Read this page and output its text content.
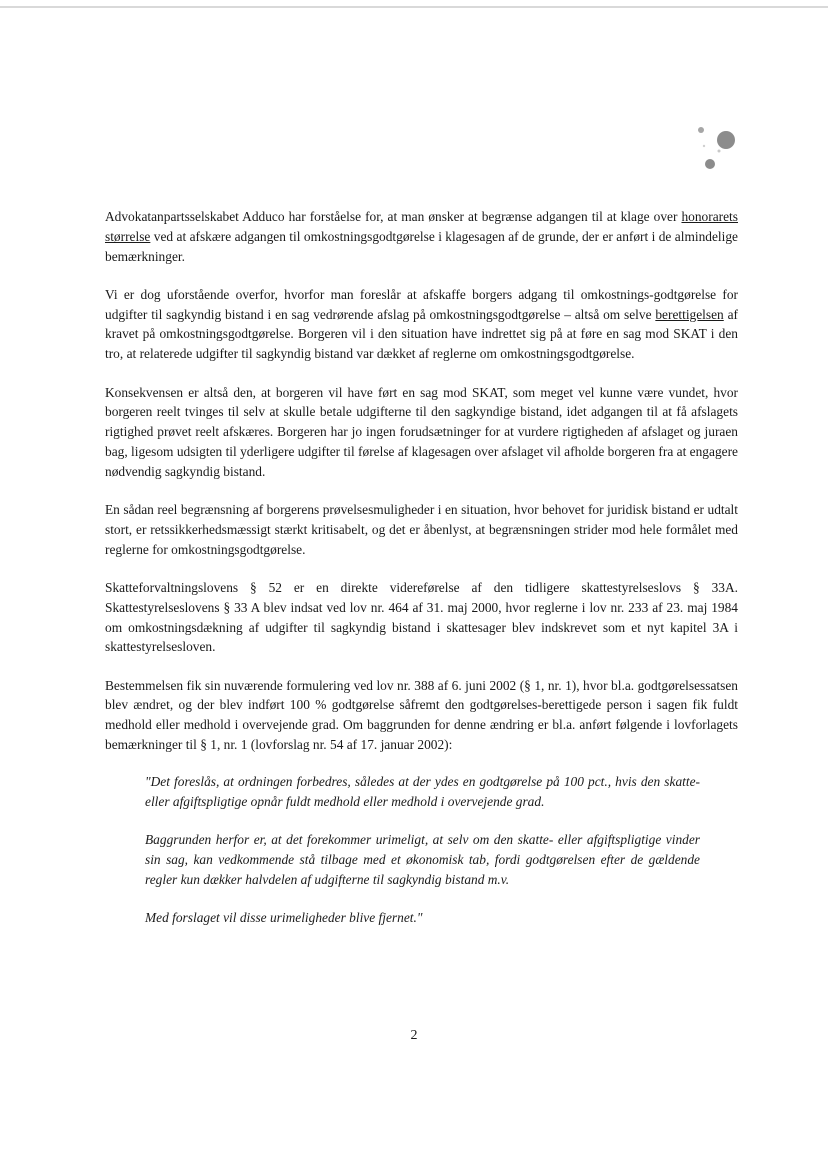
Advokatanpartsselskabet Adduco har forståelse for, at man ønsker at begrænse adgangen til at klage over honorarets størrelse ved at afskære adgangen til omkostningsgodtgørelse i klagesagen af de grunde, der er anført i de almindelige bemærkninger.

Vi er dog uforstående overfor, hvorfor man foreslår at afskaffe borgers adgang til omkostnings-godtgørelse for udgifter til sagkyndig bistand i en sag vedrørende afslag på omkostningsgodtgørelse – altså om selve berettigelsen af kravet på omkostningsgodtgørelse. Borgeren vil i den situation have indrettet sig på at føre en sag mod SKAT i den tro, at relaterede udgifter til sagkyndig bistand var dækket af reglerne om omkostningsgodtgørelse.

Konsekvensen er altså den, at borgeren vil have ført en sag mod SKAT, som meget vel kunne være vundet, hvor borgeren reelt tvinges til selv at skulle betale udgifterne til den sagkyndige bistand, idet adgangen til at få afslagets rigtighed prøvet reelt afskæres. Borgeren har jo ingen forudsætninger for at vurdere rigtigheden af afslaget og juraen bag, ligesom udsigten til yderligere udgifter til førelse af klagesagen over afslaget vil afholde borgeren fra at engagere nødvendig sagkyndig bistand.

En sådan reel begrænsning af borgerens prøvelsesmuligheder i en situation, hvor behovet for juridisk bistand er udtalt stort, er retssikkerhedsmæssigt stærkt kritisabelt, og det er åbenlyst, at begrænsningen strider mod hele formålet med reglerne for omkostningsgodtgørelse.

Skatteforvaltningslovens § 52 er en direkte videreførelse af den tidligere skattestyrelseslovs § 33A. Skattestyrelseslovens § 33 A blev indsat ved lov nr. 464 af 31. maj 2000, hvor reglerne i lov nr. 233 af 23. maj 1984 om omkostningsdækning af udgifter til sagkyndig bistand i skattesager blev indskrevet som et nyt kapitel 3A i skattestyrelsesloven.

Bestemmelsen fik sin nuværende formulering ved lov nr. 388 af 6. juni 2002 (§ 1, nr. 1), hvor bl.a. godtgørelsessatsen blev ændret, og der blev indført 100 % godtgørelse såfremt den godtgørelses-berettigede person i sagen fik fuldt medhold eller medhold i overvejende grad. Om baggrunden for denne ændring er bl.a. anført følgende i lovforlagets bemærkninger til § 1, nr. 1 (lovforslag nr. 54 af 17. januar 2002):

"Det foreslås, at ordningen forbedres, således at der ydes en godtgørelse på 100 pct., hvis den skatte- eller afgiftspligtige opnår fuldt medhold eller medhold i overvejende grad.

Baggrunden herfor er, at det forekommer urimeligt, at selv om den skatte- eller afgiftspligtige vinder sin sag, kan vedkommende stå tilbage med et økonomisk tab, fordi godtgørelsen efter de gældende regler kun dækker halvdelen af udgifterne til sagkyndig bistand m.v.

Med forslaget vil disse urimeligheder blive fjernet."

2
